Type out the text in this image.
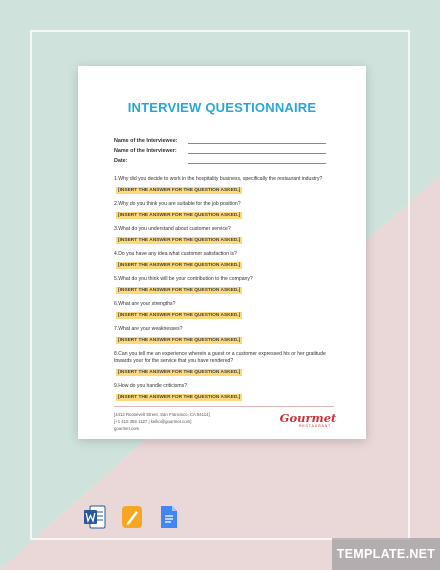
INTERVIEW QUESTIONNAIRE
Name of the Interviewee:
Name of the Interviewer:
Date:
1.Why did you decide to work in the hospitality business, specifically the restaurant industry?
[INSERT THE ANSWER FOR THE QUESTION ASKED.]
2.Why do you think you are suitable for the job position?
[INSERT THE ANSWER FOR THE QUESTION ASKED.]
3.What do you understand about customer service?
[INSERT THE ANSWER FOR THE QUESTION ASKED.]
4.Do you have any idea what customer satisfaction is?
[INSERT THE ANSWER FOR THE QUESTION ASKED.]
5.What do you think will be your contribution to the company?
[INSERT THE ANSWER FOR THE QUESTION ASKED.]
6.What are your strengths?
[INSERT THE ANSWER FOR THE QUESTION ASKED.]
7.What are your weaknesses?
[INSERT THE ANSWER FOR THE QUESTION ASKED.]
8.Can you tell me an experience wherein a guest or a customer expressed his or her gratitude towards your for the service that you have rendered?
[INSERT THE ANSWER FOR THE QUESTION ASKED.]
9.How do you handle criticisms?
[INSERT THE ANSWER FOR THE QUESTION ASKED.]
[4412 Roosevelt Street, San Francisco, CA 94114]
[+1 415 359 1127 | keiko@gourmet.com]
gourmet.com
Gourmet
RESTAURANT
TEMPLATE.NET
